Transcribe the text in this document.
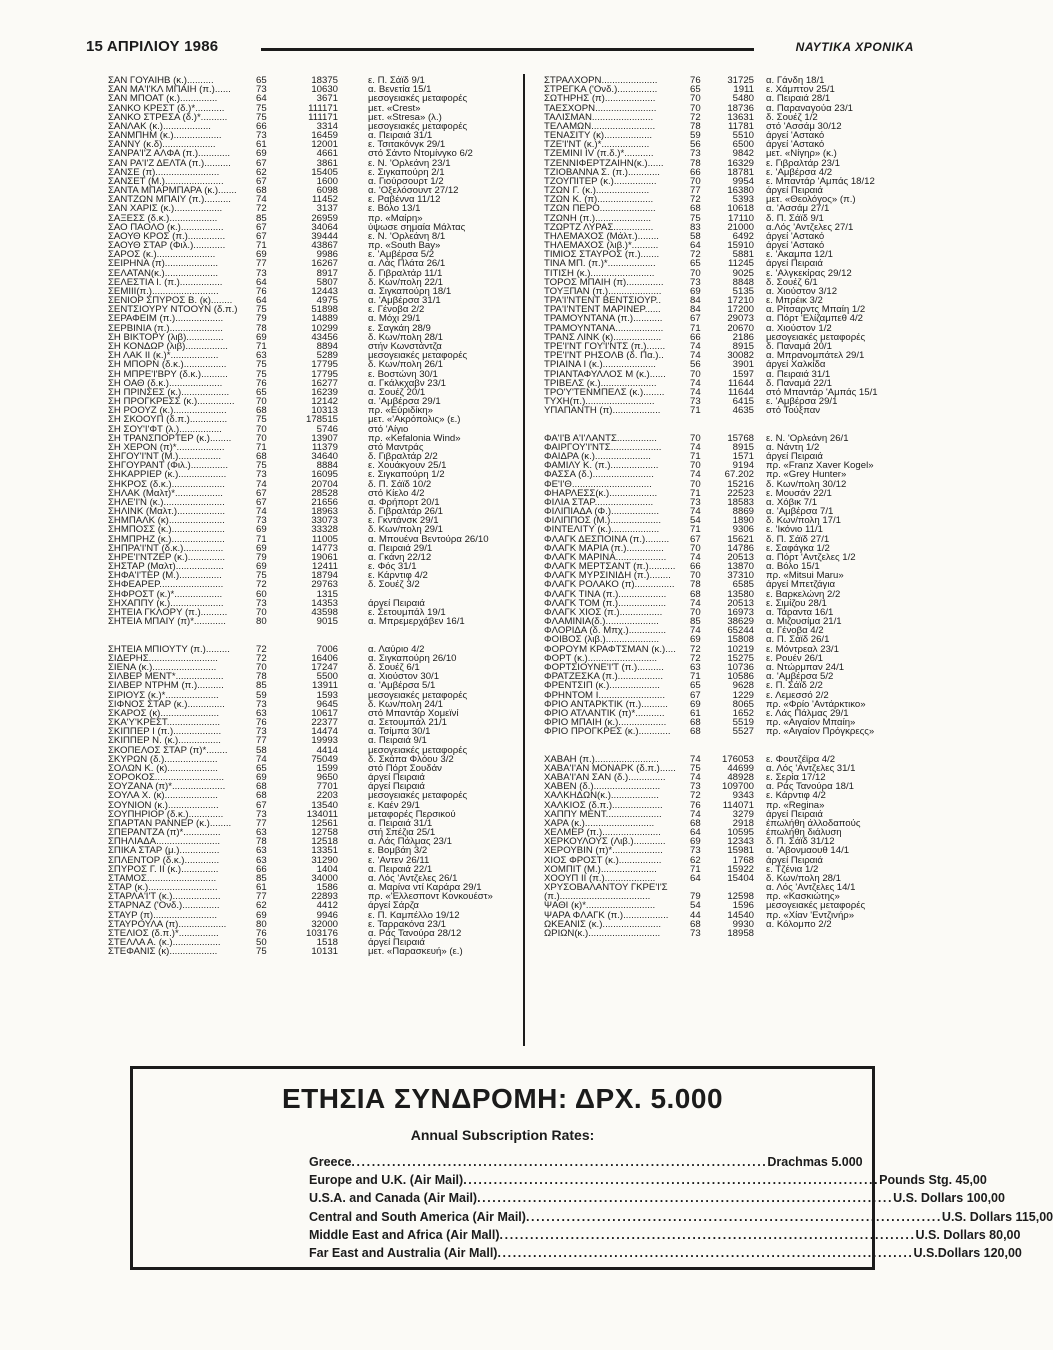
15 ΑΠΡΙΛΙΟΥ 1986	ΝΑΥΤΙΚΑ ΧΡΟΝΙΚΑ
ΣΑΝ ΓΟΥΑΙΗΒ (κ.)..........	65	18375	ε. Π. Σάϊδ 9/1
ΣΑΝ ΜΑ'Ι'ΚΛ ΜΠΑΙΗ (π.)......	73	10630	α. Βενετία 15/1
ΣΑΝ ΜΠΟΑΤ (κ.)..............	64	3671	μεσογειακές μεταφορές
ΣΑΝΚΟ ΚΡΕΣΤ (δ.)*...........	75	111171	μετ. «Crest»
ΣΑΝΚΟ ΣΤΡΕΣΑ (δ.)*..........	75	111171	μετ. «Stresa» (λ.)
ΣΑΝΛΑΚ (κ.)..................	66	3314	μεσογειακές μεταφορές
ΣΑΝΜΠΗΜ (κ.)..................	73	16459	α. Πειραιά 31/1
ΣΑΝΝΥ (κ.δ)....................	61	12001	ε. Τσιτακόνγκ 29/1
ΣΑΝΡΑ'Ι'Ζ ΑΛΦΑ (π.)............	69	4661	στό Σάντο Ντομίνγκο 6/2
ΣΑΝ ΡΑ'Ι'Ζ ΔΕΛΤΑ (π.)..........	67	3861	ε. Ν. 'Ορλεάνη 23/1
ΣΑΝΣΕ (π)........................	62	15405	ε. Σιγκαπούρη 2/1
ΣΑΝΣΕΤ (Μ.)......................	67	1600	α. Γιούρσουρτ 1/2
ΣΑΝΤΑ ΜΠΑΡΜΠΑΡΑ (κ.)....... 68	6098	α. 'Οξελόσουντ 27/12
ΣΑΝΤΖΩΝ ΜΠΑΙΥ (π.)..........	74	11452	ε. Ραβέννα 11/12
ΣΑΝ ΧΑΡΙΣ (κ.)..................	72	3137	ε. Βόλο 13/1
ΣΑΞΕΣΣ (δ.κ.)..................	85	26959	πρ. «Μαίρη»
ΣΑΟ ΠΑΟΛΟ (κ.)................	67	34064	ύψωσε σημαία Μάλτας
ΣΑΟΥΘ ΚΡΟΣ (π.)..............	67	39444	ε. Ν. 'Ορλεάνη 8/1
ΣΑΟΥΘ ΣΤΑΡ (Φιλ.)............	71	43867	πρ. «South Bay»
ΣΑΡΟΣ (κ.)......................	69	9986	ε. 'Αμβέρσα 5/2
ΣΕΙΡΗΝΑ (π)....................	77	16267	α. Λάς Πλάτα 26/1
ΣΕΛΑΤΑΝ(κ.)....................	73	8917	δ. Γιβραλτάρ 11/1
ΣΕΛΕΣΤΙΑ Ι. (π.)................	64	5807	δ. Κων/πολη 22/1
ΣΕΜΙΙΙ(π.).........................	76	12443	α. Σιγκαπούρη 18/1
ΣΕΝΙΟΡ ΣΠΥΡΟΣ Β. (κ)........ 64	4975	α. 'Αμβέρσα 31/1
ΣΕΝΤΣΙΟΥΡΥ ΝΤΟΟΥΝ (δ.π.) 75	51898	ε. Γένοβα 2/2
ΣΕΡΑΦΕΙΜ (π.)..................	79	14889	α. Μόχι 29/1
ΣΕΡΒΙΝΙΑ (π.)....................	78	10299	ε. Σαγκάη 28/9
ΣΗ ΒΙΚΤΟΡΥ (λιβ)..............	69	43456	δ. Κων/πολη 28/1
ΣΗ ΚΟΝΔΩΡ (λιβ)................	71	8894	στήν Κωνστάντζα
ΣΗ ΛΑΚ ΙΙ (κ.)*..................	63	5289	μεσογειακές μεταφορές
ΣΗ ΜΠΟΡΝ (δ.κ.)................	75	17795	δ. Κων/πολη 26/1
ΣΗ ΜΠΡΕ'Ι'ΒΡΥ (δ.κ.)..........	75	17795	ε. Βοστώνη 30/1
ΣΗ ΟΑΘ (δ.κ.)....................	76	16277	α. Γκάλκχαβν 23/1
ΣΗ ΠΡΙΝΣΕΣ (κ.)..................	65	16239	α. Σουέζ 20/1
ΣΗ ΠΡΟΓΚΡΕΣΣ (κ.).............. 70	12142	α. 'Αμβέρσα 29/1
ΣΗ ΡΟΟΥΖ (κ.)....................	68	10313	πρ. «Εύριδίκη»
ΣΗ ΣΚΟΟΥΠ (δ.π.)..............	75	178515	μετ. «'Ακρόπολις» (ε.)
ΣΗ ΣΟΥ'Ι'ΦΤ (λ.)................	70	5746	στό 'Αίγιο
ΣΗ ΤΡΑΝΣΠΟΡΤΕΡ (κ.)........	70	13907	πρ. «Kefalonia Wind»
ΣΗ ΧΕΡΟΝ (π)*..................	71	11379	στό Μαντράς
ΣΗΓΟΥ'Ι'ΝΤ (Μ.)................	68	34640	δ. Γιβραλτάρ 2/2
ΣΗΓΟΥΡΑΝΤ (Φιλ.)..............	75	8884	ε. Χουάκγουν 25/1
ΣΗΚΑΡΡΙΕΡ (κ.)..................	73	16095	ε. Σιγκαπούρη 1/2
ΣΗΚΡΟΣ (δ.κ.)....................	74	20704	δ. Π. Σάϊδ 10/2
ΣΗΛΑΚ (Μαλτ)*..................	67	28528	στό Κίελο 4/2
ΣΗΛΕ'Ι'Ν (κ.).......................	67	21656	α. Φρήπορτ 20/1
ΣΗΛΙΝΚ (Μαλτ.)..................	74	18963	δ. Γιβραλτάρ 26/1
ΣΗΜΠΑΛΚ (κ).....................	73	33073	ε. Γκντάνσκ 29/1
ΣΗΜΠΟΣΣ (κ.)....................	69	33328	δ. Κων/πολη 29/1
ΣΗΜΠΡΗΖ (κ.)....................	71	11005	α. Μπουένα Βεντούρα 26/10
ΣΗΠΡΑ'Ι'ΝΤ (δ.κ.)...............	69	14773	α. Πειραιά 29/1
ΣΗΡΕ'Ι'ΝΤΖΕΡ (κ.)..............	79	19061	α. Γκάνη 22/12
ΣΗΣΤΑΡ (Μαλτ)..................	69	12411	ε. Φός 31/1
ΣΗΦΑ'Ι'ΤΕΡ (Μ.)................	75	18794	ε. Κάρντιφ 4/2
ΣΗΦΕΑΡΕΡ........................	72	29763	δ. Σουέζ 3/2
ΣΗΦΡΟΣΤ (κ.)*..................	60	1315
ΣΗΧΑΠΠΥ (κ.)....................	73	14353	άργεί Πειραιά
ΣΗΤΕΙΑ ΓΚΛΟΡΥ (π.)..........	70	43598	ε. Σετουμπάλ 19/1
ΣΗΤΕΙΑ ΜΠΑΙΥ (π)*............	80	9015	α. Μπρεμερχάβεν 16/1
ΣΗΤΕΙΑ ΜΠΙΟΥΤΥ (π.).........	72	7006	α. Λαύριο 4/2
ΣΙΔΕΡΗΣ..........................	72	16406	α. Σιγκαπούρη 26/10
ΣΙΕΝΑ (κ.)........................	70	17247	δ. Σουέζ 6/1
ΣΙΛΒΕΡ ΜΕΝΤ*..................	78	5500	α. Χιούστον 30/1
ΣΙΛΒΕΡ ΝΤΡΗΜ (π.)..........	85	13911	α. 'Αμβέρσα 5/1
ΣΙΡΙΟΥΣ (κ.)*....................	59	1593	μεσογειακές μεταφορές
ΣΙΦΝΟΣ ΣΤΑΡ (κ.)..............	73	9645	δ. Κων/πολη 24/1
ΣΚΑΡΟΣ (κ)......................	63	10617	στό Μπαντάρ Χομεϊνί
ΣΚΑ'Υ'ΚΡΕΣΤ....................	76	22377	α. Σετουμπάλ 21/1
ΣΚΙΠΠΕΡ Ι (π.)..................	73	14474	α. Τσίμπα 30/1
ΣΚΙΠΠΕΡ Ν. (κ.)................	77	19993	α. Πειραιά 9/1
ΣΚΟΠΕΛΟΣ ΣΤΑΡ (π)*........	58	4414	μεσογειακές μεταφορές
ΣΚΥΡΩΝ (δ.)....................	74	75049	δ. Σκάπα Φλόου 3/2
ΣΟΛΩΝ Κ. (κ)...................	65	1599	στό Πόρτ Σουδάν
ΣΟΡΟΚΟΣ..........................	69	9650	άργεί Πειραιά
ΣΟΥΖΑΝΑ (π)*....................	68	7701	άργεί Πειραιά
ΣΟΥΛΑ Χ. (κ)....................	68	2203	μεσογειακές μεταφορές
ΣΟΥΝΙΟΝ (κ.)...................	67	13540	ε. Καέν 29/1
ΣΟΥΠΗΡΙΟΡ (δ.κ.).............	73	134011	μεταφορές Περσικού
ΣΠΑΡΤΑΝ ΡΑΝΝΕΡ (κ.)........	77	12561	α. Πειραιά 31/1
ΣΠΕΡΑΝΤΖΑ (π)*..............	63	12758	στή Σπέζια 25/1
ΣΠΗΛΙΑΔΑ........................	78	12518	α. Λάς Πάλμας 23/1
ΣΠΙΚΑ ΣΤΑΡ (μ.)...............	63	13351	ε. Βομβάη 3/2
ΣΠΛΕΝΤΟΡ (δ.κ.).............	63	31290	ε. 'Αντεν 26/11
ΣΠΥΡΟΣ Γ. ΙΙ (κ.)..............	66	1404	α. Πειραιά 22/1
ΣΤΑΜΟΣ..........................	85	34000	α. Λός 'Αντζελες 26/1
ΣΤΑΡ (κ.)..........................	61	1586	α. Μαρίνα ντί Καράρα 29/1
ΣΤΑΡΛΑ'Ι'Τ (κ.)..................	77	22893	πρ. «'Ελλεσποντ Κονκουέστ»
ΣΤΑΡΝΑΖ ('Ονδ.)..............	62	4412	άργεί Σάρζα
ΣΤΑΥΡ (π)........................	69	9946	ε. Π. Καμπέλλο 19/12
ΣΤΑΥΡΟΥΛΑ (π)..................	80	32000	ε. Ταρρακόνα 23/1
ΣΤΕΛΙΟΣ (δ.π.)*...............	76	103176	α. Ράς Τανούρα 28/12
ΣΤΕΛΛΑ Α. (κ.)..................	50	1518	άργεί Πειραιά
ΣΤΕΦΑΝΙΣ (κ)..................	75	10131	μετ. «Παρασκευή» (ε.)
ΣΤΡΑΛΧΟΡΝ.....................	76	31725 α. Γάνδη 18/1
ΣΤΡΕΓΚΑ ('Ονδ.)...............	65	1911 ε. Χάμπτον 25/1
ΣΩΤΗΡΗΣ (π)...................	70	5480 α. Πειραιά 28/1
ΤΑΕΣΧΟΡΝ.......................	70	18736 α. Παραναγούα 23/1
ΤΑΛΙΣΜΑΝ.......................	72	13631 δ. Σουέζ 1/2
ΤΕΛΑΜΩΝ........................	78	11781 στό 'Ασσάμ 30/12
ΤΕΝΑΣΙΤΥ (κ)..................	59	5510 άργεί 'Αστακό
ΤΖΕ'Ι'ΝΤ (κ.)*..................	56	6500 άργεί 'Αστακό
ΤΖΕΜΙΝΙ ΙV (π.δ.)*...........	73	9842 μετ. «Νίγηρ» (κ.)
ΤΖΕΝΝΙΦΕΡΤΖΑΙΗΝ(κ.)......	78	16329 ε. Γιβραλτάρ 23/1
ΤΖΙΟΒΑΝΝΑ Σ. (π.)............	66	18781 ε. 'Αμβέρσα 4/2
ΤΖΟΥΠΙΤΕΡ (κ.)................	70	9954 ε. Μπαντάρ 'Αμπάς 18/12
ΤΖΩΝ Γ. (κ.)....................	77	16380 άργεί Πειραιά
ΤΖΩΝ Κ. (π).....................	72	5393 μετ. «Θεολόγος» (π.)
ΤΖΩΝ ΠΕΡΟ.....................	68	10618 α. 'Ασσάμ 27/1
ΤΖΩΝΗ (π.).....................	75	17110 δ. Π. Σάϊδ 9/1
ΤΖΩΡΤΖ ΛΥΡΑΣ...............	83	21000 α.Λός 'Αντζελες 27/1
ΤΗΛΕΜΑΧΟΣ (Μάλτ.)........	58	6492 άργεί 'Αστακό
ΤΗΛΕΜΑΧΟΣ (λιβ.)*..........	64	15910 άργεί 'Αστακό
ΤΙΜΙΟΣ ΣΤΑΥΡΟΣ (π.).......	72	5881 ε. 'Ακαμπα 12/1
ΤΙΝΑ ΜΠ. (π.)*..................	65	11245 άργεί Πειραιά
ΤΙΤΙΣΗ (κ.)........................	70	9025 ε. 'Αλγκεκίρας 29/12
ΤΟΡΟΣ ΜΠΑΙΗ (π)..............	73	8848 δ. Σουέζ 6/1
ΤΟΥΞΠΑΝ (π.)....................	69	5135 α. Χιούστον 3/12
ΤΡΑ'Ι'ΝΤΕΝΤ ΒΕΝΤΣΙΟΥΡ..	84	17210 ε. Μπρέικ 3/2
ΤΡΑ'Ι'ΝΤΕΝΤ ΜΑΡΙΝΕΡ......	84	17200 α. Ρίτσαρντς Μπαίη 1/2
ΤΡΑΜΟΥΝΤΑΝΑ (π.)...........	67	29073 α. Πόρτ 'Ελίζαμπεθ 4/2
ΤΡΑΜΟΥΝΤΑΝΑ..................	71	20670 α. Χιούστον 1/2
ΤΡΑΝΣ ΛΙΝΚ (κ)..................	66	2186 μεσογειακές μεταφορές
ΤΡΕ'Ι'ΝΤ ΓΟΥ'Ι'ΝΤΣ (π.).......	74	8915 δ. Παναμά 20/1
ΤΡΕ'Ι'ΝΤ ΡΗΣΟΛΒ (δ. Πα.)..	74	30082 α. Μπρανομπάτελ 29/1
ΤΡΙΑΙΝΑ Ι (κ.)....................	56	3901 άργεί Χαλκίδα
ΤΡΙΑΝΤΑΦΥΛΛΟΣ Μ (κ.)......	70	1597 α. Πειραιά 31/1
ΤΡΙΒΕΛΣ (κ.).....................	74	11644 δ. Παναμά 22/1
ΤΡΟ'Υ'ΤΕΝΜΠΕΛΣ (κ.)........	74	11644 στό Μπαντάρ 'Αμπάς 15/1
ΤΥΧΗ(π.)..........................	73	6415 ε. 'Αμβέρσα 29/1
ΥΠΑΠΑΝΤΗ (π)..................	71	4635 στό Τούξπαν
ΦΑ'Ι'Β Α'Ι'ΛΑΝΤΣ...............	70	15768 ε. Ν. 'Ορλεάνη 26/1
ΦΑΙΡΓΟΥ'Ι'ΝΤΣ...................	74	8915 α. Νάντη 1/2
ΦΑΙΔΡΑ (κ.).....................	71	1571 άργεί Πειραιά
ΦΑΜΙΛΥ Κ. (π.)..................	70	9194 πρ. «Franz Xaver Kogel»
ΦΑΣΣΑ (δ.).......................	74	67.202 πρ. «Grey Hunter»
ΦΕ'Ι'Θ..............................	70	15216 δ. Κων/πολη 30/12
ΦΗΑΡΛΕΣΣ(κ.)..................	71	22523 ε. Μουσάν 22/1
ΦΙΛΙΑ ΣΤΑΡ......................	73	18583 α. Χόβικ 7/1
ΦΙΛΙΠΙΑΔΑ (Φ.)..................	74	8869 α. 'Αμβέρσα 7/1
ΦΙΛΙΠΠΟΣ (Μ.)...................	54	1890 δ. Κων/πολη 17/1
ΦΙΝΤΕΛΙΤΥ (κ.)..................	71	9306 ε. 'Ικόνιο 11/1
ΦΛΑΓΚ ΔΕΣΠΟΙΝΑ (π.)......... 67	15621 δ. Π. Σάϊδ 27/1
ΦΛΑΓΚ ΜΑΡΙΑ (π.)..............	70	14786 ε. Σαφάγκα 1/2
ΦΛΑΓΚ ΜΑΡΙΝΑ................... 74	20513 α. Πόρτ 'Αντζελες 1/2
ΦΛΑΓΚ ΜΕΡΤΣΑΝΤ (π.).......... 66	13870 α. Βόλο 15/1
ΦΛΑΓΚ ΜΥΡΣΙΝΙΔΗ (π.)........ 70	37310 πρ. «Mitsui Maru»
ΦΛΑΓΚ ΡΟΛΑΚΟ (π)............... 78	6585 άργεί Μπετζάγια
ΦΛΑΓΚ ΤΙΝΑ (π.).................. 68	13580 ε. Βαρκελώνη 2/2
ΦΛΑΓΚ ΤΟΜ (π.).................. 74	20513 ε. Σιμίζου 28/1
ΦΛΑΓΚ ΧΙΟΣ (π.)................	70	16973 α. Τάραντα 16/1
ΦΛΑΜΙΝΙΑ(δ.)....................	85	38629 α. Μιζουσίμα 21/1
ΦΛΟΡΙΔΑ (δ. Μπχ.).............. 74	65244 α. Γένοβα 4/2
ΦΟΙΒΟΣ (λιβ.)....................	69	15808 α. Π. Σάϊδ 26/1
ΦΟΡΟΥΜ ΚΡΑΦΤΣΜΑΝ (κ.).... 72	10219 ε. Μόντρεαλ 23/1
ΦΟΡΤ (κ.)..........................	72	15275 ε. Ρουέν 26/1
ΦΟΡΤΣΙΟΥΝΕ'Ι'Τ (π.)..........	63	10736 α. Ντώρμπαν 24/1
ΦΡΑΤΖΕΣΚΑ (π.).................	71	10586 α. 'Αμβέρσα 5/2
ΦΡΕΝΤΣΙΠ (κ.)...................	65	9628 ε. Π. Σάϊδ 2/2
ΦΡΗΝΤΟΜ Ι.........................	67	1229 ε. Λεμεσσό 2/2
ΦΡΙΟ ΑΝΤΑΡΚΤΙΚ (π.).......... 69	8065 πρ. «Φρίο 'Αντάρκτικο»
ΦΡΙΟ ΑΤΛΑΝΤΙΚ (π)*...........	61	1652 ε. Λάς Πάλμας 29/1
ΦΡΙΟ ΜΠΑΙΗ (κ.).................. 68	5519 πρ. «Αιγαίον Μπαίη»
ΦΡΙΟ ΠΡΟΓΚΡΕΣ (κ.)............ 68	5527 πρ. «Αιγαίον Πρόγκρεςς»
ΧΑΒΑΗ (π.)........................	74	176053 ε. Φουτζέϊρα 4/2
ΧΑΒΑ'Ι'ΑΝ ΜΟΝΑΡΚ (δ.π.)...... 75	44699 α. Λός 'Αντζελες 31/1
ΧΑΒΑ'Ι'ΑΝ ΣΑΝ (δ.)..............	74	48928 ε. Σερία 17/12
ΧΑΒΕΝ (δ.).........................	73	109700 α. Ράς Τανούρα 18/1
ΧΑΛΚΗΔΩΝ(κ.)..................	72	9343 ε. Κάρντιφ 4/2
ΧΑΛΚΙΟΣ (δ.π.)...................	76	114071 πρ. «Regina»
ΧΑΠΠΥ ΜΕΝΤ.....................	74	3279 άργεί Πειραιά
ΧΑΡΑ (κ.)..........................	68	2918 έπωλήθη άλλοδαπούς
ΧΕΛΜΕΡ (π.)......................	64	10595 έπωλήθη διάλυση
ΧΕΡΚΟΥΛΟΥΣ (Λιβ.)............	69	12343 δ. Π. Σάϊδ 31/12
ΧΕΡΟΥΒΙΝ (π)*...................	73	15981 α. 'Αβονμαουθ 14/1
ΧΙΟΣ ΦΡΟΣΤ (κ.)................	62	1768 άργεί Πειραιά
ΧΟΜΠΙΤ (Μ.).....................	71	15922 ε. Τζένια 1/2
ΧΟΟΥΠ ΙΙ (π.)...................	64	15404 δ. Κων/πολη 28/1
ΧΡΥΣΟΒΑΛΑΝΤΟΥ ΓΚΡΕ'Ι'Σ	α. Λός 'Αντζελες 14/1
(π.)..................................	79	12598 πρ. «Κασκιώτης»
ΨΑΘΙ (κ)*..........................	54	1596 μεσογειακές μεταφορές
ΨΑΡΑ ΦΛΑΓΚ (π.)................. 44	14540 πρ. «Χίαν 'Εντζινήρ»
ΩΚΕΑΝΙΣ (κ.)......................	68	9930 α. Κόλομπο 2/2
ΩΡΙΩΝ(κ.)...........................	73	18958
ΕΤΗΣΙΑ ΣΥΝΔΡΟΜΗ: ΔΡΧ. 5.000
Annual Subscription Rates:
Greece .................................................................................. Drachmas 5.000
Europe and U.K. (Air Mail) .................................................................................. Pounds Stg. 45,00
U.S.A. and Canada (Air Mail) .................................................................................. U.S. Dollars 100,00
Central and South America (Air Mail) .................................................................................. U.S. Dollars 115,00
Middle East and Africa (Air Mall) .................................................................................. U.S. Dollars 80,00
Far East and Australia (Air Mall) .................................................................................. U.S.Dollars 120,00
